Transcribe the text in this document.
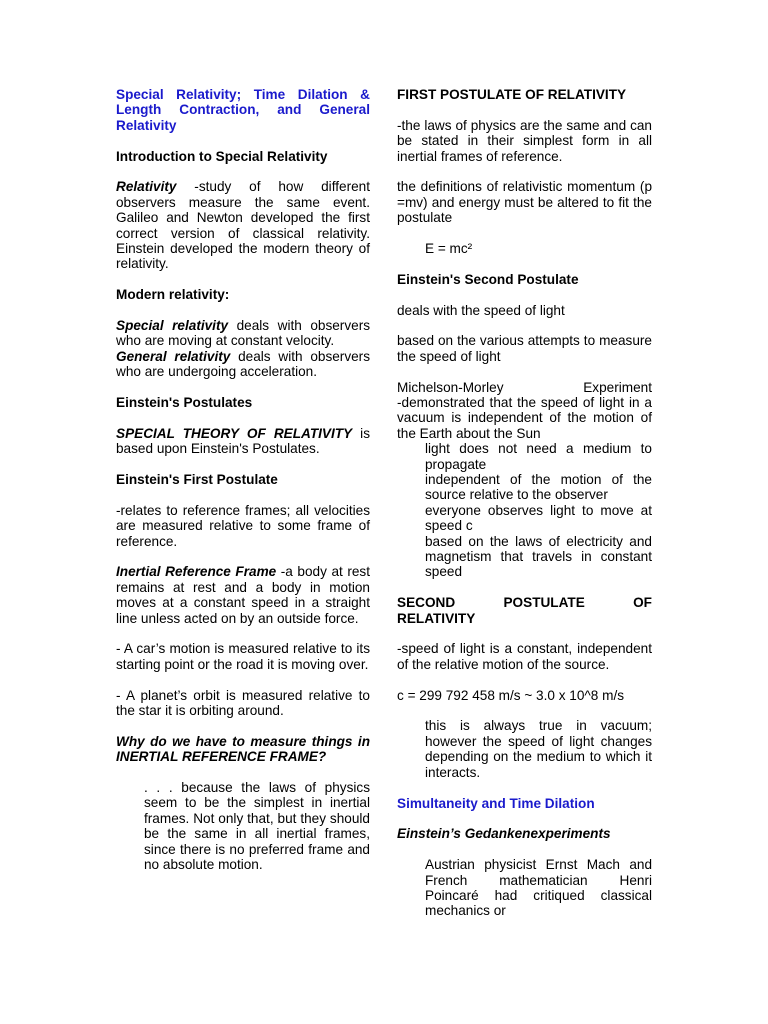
Special Relativity; Time Dilation & Length Contraction, and General Relativity

Introduction to Special Relativity

Relativity -study of how different observers measure the same event. Galileo and Newton developed the first correct version of classical relativity. Einstein developed the modern theory of relativity.

Modern relativity:

Special relativity deals with observers who are moving at constant velocity.
General relativity deals with observers who are undergoing acceleration.

Einstein's Postulates

SPECIAL THEORY OF RELATIVITY is based upon Einstein's Postulates.

Einstein's First Postulate

-relates to reference frames; all velocities are measured relative to some frame of reference.

Inertial Reference Frame -a body at rest remains at rest and a body in motion moves at a constant speed in a straight line unless acted on by an outside force.

- A car’s motion is measured relative to its starting point or the road it is moving over.

- A planet’s orbit is measured relative to the star it is orbiting around.

Why do we have to measure things in INERTIAL REFERENCE FRAME?

. . . because the laws of physics seem to be the simplest in inertial frames. Not only that, but they should be the same in all inertial frames, since there is no preferred frame and no absolute motion.

FIRST POSTULATE OF RELATIVITY

-the laws of physics are the same and can be stated in their simplest form in all inertial frames of reference.

the definitions of relativistic momentum (p =mv) and energy must be altered to fit the postulate

E = mc²

Einstein's Second Postulate

deals with the speed of light

based on the various attempts to measure the speed of light

Michelson-Morley	Experiment

-demonstrated that the speed of light in a vacuum is independent of the motion of the Earth about the Sun

light does not need a medium to propagate

independent of the motion of the source relative to the observer

everyone observes light to move at speed c

based on the laws of electricity and magnetism that travels in constant speed

SECOND	POSTULATE	OF
RELATIVITY

-speed of light is a constant, independent of the relative motion of the source.

c = 299 792 458 m/s ~ 3.0 x 10^8 m/s

this is always true in vacuum; however the speed of light changes depending on the medium to which it interacts.

Simultaneity and Time Dilation

Einstein’s Gedankenexperiments

Austrian physicist Ernst Mach and French mathematician Henri Poincaré had critiqued classical mechanics or
